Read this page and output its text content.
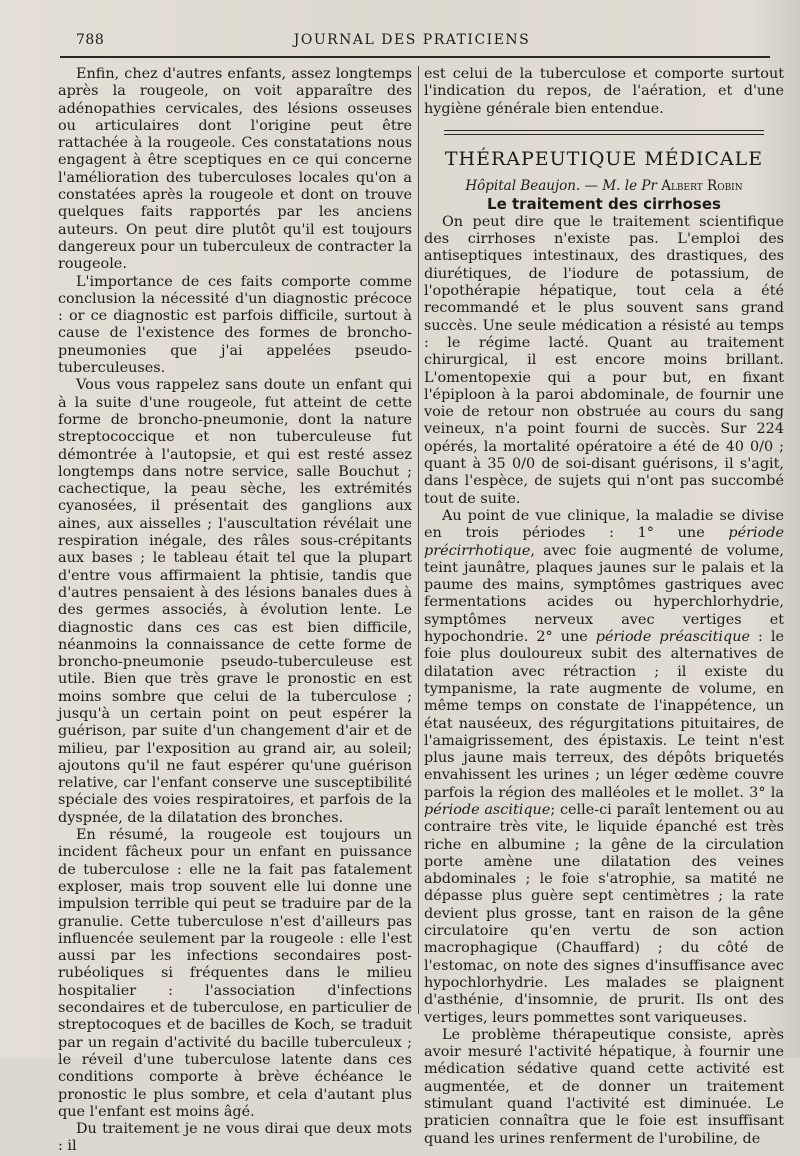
788	JOURNAL DES PRATICIENS

Enfin, chez d'autres enfants, assez longtemps après la rougeole, on voit apparaître des adénopathies cervicales, des lésions osseuses ou articulaires dont l'origine peut être rattachée à la rougeole. Ces constatations nous engagent à être sceptiques en ce qui concerne l'amélioration des tuberculoses locales qu'on a constatées après la rougeole et dont on trouve quelques faits rapportés par les anciens auteurs. On peut dire plutôt qu'il est toujours dangereux pour un tuberculeux de contracter la rougeole.

L'importance de ces faits comporte comme conclusion la nécessité d'un diagnostic précoce : or ce diagnostic est parfois difficile, surtout à cause de l'existence des formes de broncho-pneumonies que j'ai appelées pseudo-tuberculeuses.

Vous vous rappelez sans doute un enfant qui à la suite d'une rougeole, fut atteint de cette forme de broncho-pneumonie, dont la nature streptococcique et non tuberculeuse fut démontrée à l'autopsie, et qui est resté assez longtemps dans notre service, salle Bouchut ; cachectique, la peau sèche, les extrémités cyanosées, il présentait des ganglions aux aines, aux aisselles ; l'auscultation révélait une respiration inégale, des râles sous-crépitants aux bases ; le tableau était tel que la plupart d'entre vous affirmaient la phtisie, tandis que d'autres pensaient à des lésions banales dues à des germes associés, à évolution lente. Le diagnostic dans ces cas est bien difficile, néanmoins la connaissance de cette forme de broncho-pneumonie pseudo-tuberculeuse est utile. Bien que très grave le pronostic en est moins sombre que celui de la tuberculose ; jusqu'à un certain point on peut espérer la guérison, par suite d'un changement d'air et de milieu, par l'exposition au grand air, au soleil; ajoutons qu'il ne faut espérer qu'une guérison relative, car l'enfant conserve une susceptibilité spéciale des voies respiratoires, et parfois de la dyspnée, de la dilatation des bronches.

En résumé, la rougeole est toujours un incident fâcheux pour un enfant en puissance de tuberculose : elle ne la fait pas fatalement exploser, mais trop souvent elle lui donne une impulsion terrible qui peut se traduire par de la granulie. Cette tuberculose n'est d'ailleurs pas influencée seulement par la rougeole : elle l'est aussi par les infections secondaires post-rubéoliques si fréquentes dans le milieu hospitalier : l'association d'infections secondaires et de tuberculose, en particulier de streptocoques et de bacilles de Koch, se traduit par un regain d'activité du bacille tuberculeux ; le réveil d'une tuberculose latente dans ces conditions comporte à brève échéance le pronostic le plus sombre, et cela d'autant plus que l'enfant est moins âgé.

Du traitement je ne vous dirai que deux mots : il

est celui de la tuberculose et comporte surtout l'indication du repos, de l'aération, et d'une hygiène générale bien entendue.

THÉRAPEUTIQUE MÉDICALE
Hôpital Beaujon. — M. le Pr Albert Robin
Le traitement des cirrhoses

On peut dire que le traitement scientifique des cirrhoses n'existe pas. L'emploi des antiseptiques intestinaux, des drastiques, des diurétiques, de l'iodure de potassium, de l'opothérapie hépatique, tout cela a été recommandé et le plus souvent sans grand succès. Une seule médication a résisté au temps : le régime lacté. Quant au traitement chirurgical, il est encore moins brillant. L'omentopexie qui a pour but, en fixant l'épiploon à la paroi abdominale, de fournir une voie de retour non obstruée au cours du sang veineux, n'a point fourni de succès. Sur 224 opérés, la mortalité opératoire a été de 40 0/0 ; quant à 35 0/0 de soi-disant guérisons, il s'agit, dans l'espèce, de sujets qui n'ont pas succombé tout de suite.

Au point de vue clinique, la maladie se divise en trois périodes : 1° une période précirrhotique, avec foie augmenté de volume, teint jaunâtre, plaques jaunes sur le palais et la paume des mains, symptômes gastriques avec fermentations acides ou hyperchlorhydrie, symptômes nerveux avec vertiges et hypochondrie. 2° une période préascitique : le foie plus douloureux subit des alternatives de dilatation avec rétraction ; il existe du tympanisme, la rate augmente de volume, en même temps on constate de l'inappétence, un état nauséeux, des régurgitations pituitaires, de l'amaigrissement, des épistaxis. Le teint n'est plus jaune mais terreux, des dépôts briquetés envahissent les urines ; un léger œdème couvre parfois la région des malléoles et le mollet. 3° la période ascitique; celle-ci paraît lentement ou au contraire très vite, le liquide épanché est très riche en albumine ; la gêne de la circulation porte amène une dilatation des veines abdominales ; le foie s'atrophie, sa matité ne dépasse plus guère sept centimètres ; la rate devient plus grosse, tant en raison de la gêne circulatoire qu'en vertu de son action macrophagique (Chauffard) ; du côté de l'estomac, on note des signes d'insuffisance avec hypochlorhydrie. Les malades se plaignent d'asthénie, d'insomnie, de prurit. Ils ont des vertiges, leurs pommettes sont variqueuses.

Le problème thérapeutique consiste, après avoir mesuré l'activité hépatique, à fournir une médication sédative quand cette activité est augmentée, et de donner un traitement stimulant quand l'activité est diminuée. Le praticien connaîtra que le foie est insuffisant quand les urines renferment de l'urobiline, de
